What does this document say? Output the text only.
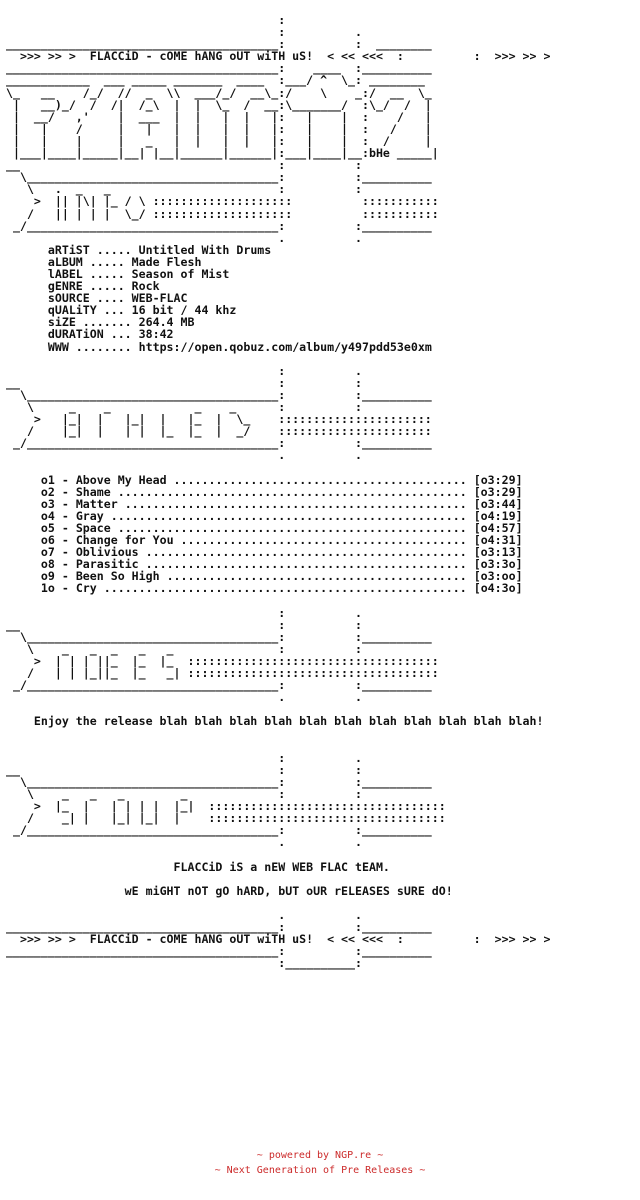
:
:          .
_______________________________________:          :  ________
>>> >> >  FLACCiD - cOME hANG oUT wiTH uS!  < << <<<  :          :  >>> >> >
_______________________________________:    ____  :__________
____________  ___ _____ _______  ____  :___/ ^  \_: ________
\_   __    /_/  //  _  \\  ___/_/  __\_:/    \    _:/  __  \_
|   __)_/  /  /|  /_\  |  |  \_  /  __:\_______/  :\_/  /  |
|  __/   ,'    |  ___  |  |   |  |   |:   |    |  :    /   |
|   |    /     |   |   |  |   |  |   |:   |    |  :   /    |
|   |    |     |   _   |  |   |  |   |:   |    |  :  /     |
|___|____|_____|__| |__|______|______|:___|____|__:bHe _____|
__                                     :          :
\____________________________________:          :__________
\   .  _   _                        :          :
>  || |\| |_ / \ ::::::::::::::::::::          :::::::::::
/   || | | |  \_/ ::::::::::::::::::::          :::::::::::
_/____________________________________:          :__________
.          .
aRTiST ..... Untitled With Drums
aLBUM ..... Made Flesh
lABEL ..... Season of Mist
gENRE ..... Rock
sOURCE .... WEB-FLAC
qUALiTY ... 16 bit / 44 khz
siZE ....... 264.4 MB
dURATiON ... 38:42
WWW ........ https://open.qobuz.com/album/y497pdd53e0xm

:          .
__                                     :          :
\____________________________________:          :__________
\     _    _            _    _      :          :
>   |_|  |   |_|  |   |_  |  \_    ::::::::::::::::::::::
/    |_|  |   | |  |_  |_  |  _/    ::::::::::::::::::::::
_/____________________________________:          :__________
.          .

o1 - Above My Head .......................................... [o3:29]
o2 - Shame .................................................. [o3:29]
o3 - Matter ................................................. [o3:44]
o4 - Gray ................................................... [o4:19]
o5 - Space .................................................. [o4:57]
o6 - Change for You ......................................... [o4:31]
o7 - Oblivious .............................................. [o3:13]
o8 - Parasitic .............................................. [o3:3o]
o9 - Been So High ........................................... [o3:oo]
1o - Cry .................................................... [o4:3o]

:          .
__                                     :          :
\____________________________________:          :__________
\    _   _  _   _   _               :          :
>  | | | ||_  |_  |_  ::::::::::::::::::::::::::::::::::::
/   | | |_||_  |_   _| ::::::::::::::::::::::::::::::::::::
_/____________________________________:          :__________
.          .

Enjoy the release blah blah blah blah blah blah blah blah blah blah blah!

:          .
__                                     :          :
\____________________________________:          :__________
\    _   _   _        _             :          :
>  |_  |   | | | |  |_|  ::::::::::::::::::::::::::::::::::
/    _| |   |_| |_|  |    ::::::::::::::::::::::::::::::::::
_/____________________________________:          :__________
.          .

FLACCiD iS a nEW WEB FLAC tEAM.

wE miGHT nOT gO hARD, bUT oUR rELEASES sURE dO!

.          .
_______________________________________:          :__________
>>> >> >  FLACCiD - cOME hANG oUT wiTH uS!  < << <<<  :          :  >>> >> >
_______________________________________:          :__________
:__________:
~ powered by NGP.re ~
~ Next Generation of Pre Releases ~
